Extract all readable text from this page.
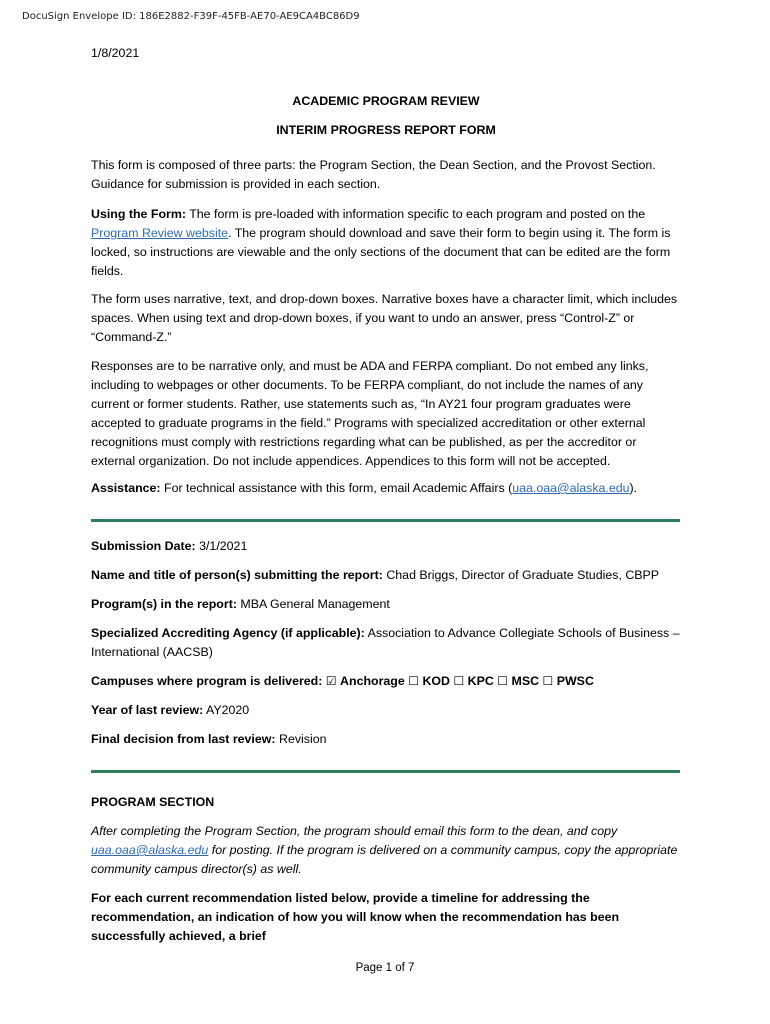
DocuSign Envelope ID: 186E2882-F39F-45FB-AE70-AE9CA4BC86D9
1/8/2021
ACADEMIC PROGRAM REVIEW
INTERIM PROGRESS REPORT FORM

This form is composed of three parts: the Program Section, the Dean Section, and the Provost Section. Guidance for submission is provided in each section.

Using the Form: The form is pre-loaded with information specific to each program and posted on the Program Review website. The program should download and save their form to begin using it. The form is locked, so instructions are viewable and the only sections of the document that can be edited are the form fields.

The form uses narrative, text, and drop-down boxes. Narrative boxes have a character limit, which includes spaces. When using text and drop-down boxes, if you want to undo an answer, press “Control-Z” or “Command-Z.”

Responses are to be narrative only, and must be ADA and FERPA compliant. Do not embed any links, including to webpages or other documents. To be FERPA compliant, do not include the names of any current or former students. Rather, use statements such as, “In AY21 four program graduates were accepted to graduate programs in the field.” Programs with specialized accreditation or other external recognitions must comply with restrictions regarding what can be published, as per the accreditor or external organization. Do not include appendices. Appendices to this form will not be accepted.

Assistance: For technical assistance with this form, email Academic Affairs (uaa.oaa@alaska.edu).

Submission Date: 3/1/2021

Name and title of person(s) submitting the report: Chad Briggs, Director of Graduate Studies, CBPP

Program(s) in the report: MBA General Management

Specialized Accrediting Agency (if applicable): Association to Advance Collegiate Schools of Business – International (AACSB)

Campuses where program is delivered: ☑ Anchorage ☐ KOD ☐ KPC ☐ MSC ☐ PWSC

Year of last review: AY2020

Final decision from last review: Revision

PROGRAM SECTION

After completing the Program Section, the program should email this form to the dean, and copy uaa.oaa@alaska.edu for posting. If the program is delivered on a community campus, copy the appropriate community campus director(s) as well.

For each current recommendation listed below, provide a timeline for addressing the recommendation, an indication of how you will know when the recommendation has been successfully achieved, a brief

Page 1 of 7
